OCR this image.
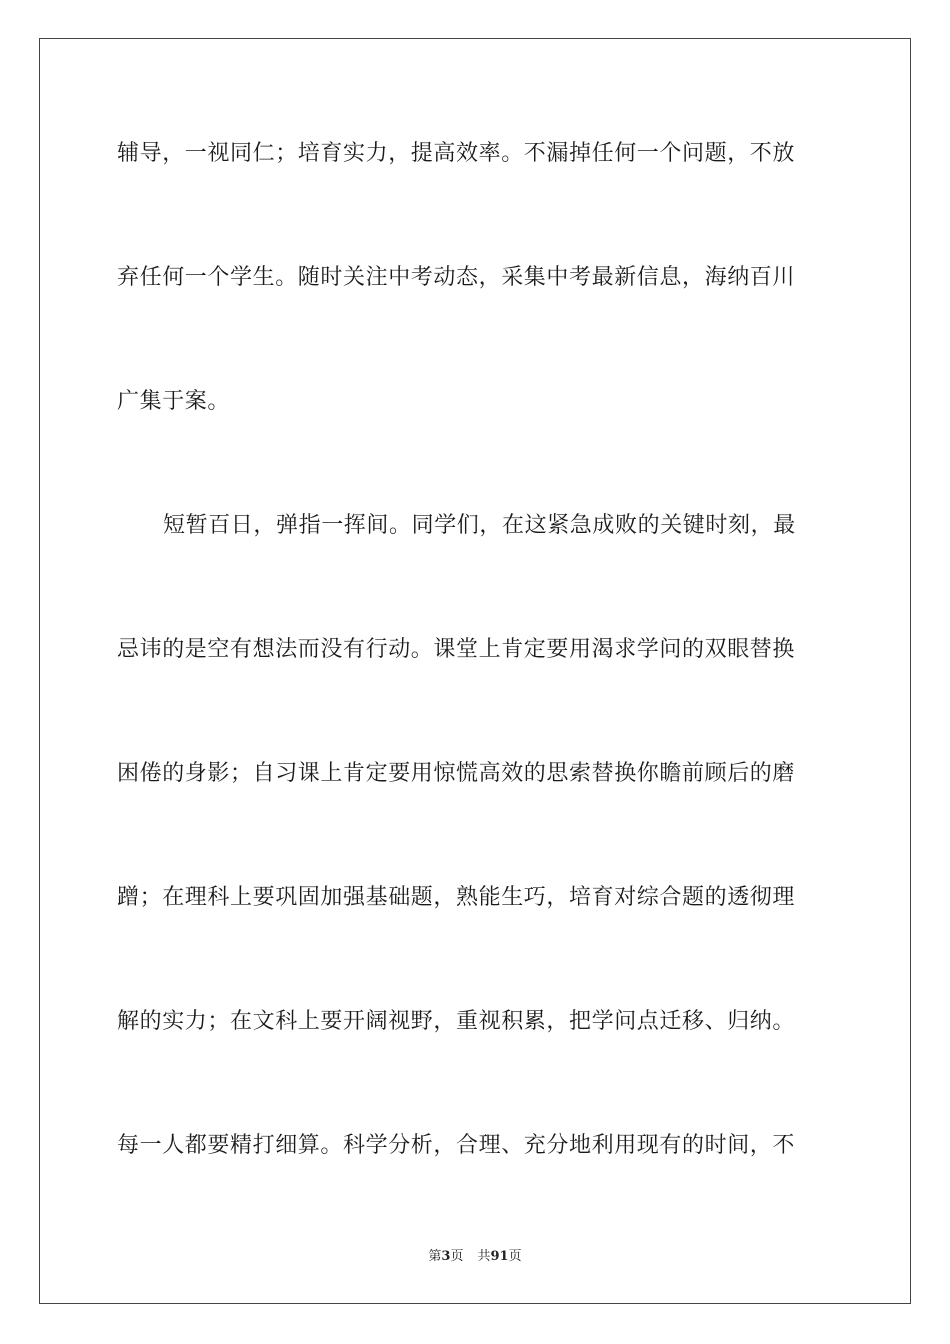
辅导，一视同仁；培育实力，提高效率。不漏掉任何一个问题，不放
弃任何一个学生。随时关注中考动态，采集中考最新信息，海纳百川
广集于案。
短暂百日，弹指一挥间。同学们，在这紧急成败的关键时刻，最
忌讳的是空有想法而没有行动。课堂上肯定要用渴求学问的双眼替换
困倦的身影；自习课上肯定要用惊慌高效的思索替换你瞻前顾后的磨
蹭；在理科上要巩固加强基础题，熟能生巧，培育对综合题的透彻理
解的实力；在文科上要开阔视野，重视积累，把学问点迁移、归纳。
每一人都要精打细算。科学分析，合理、充分地利用现有的时间，不
第3页 共91页
